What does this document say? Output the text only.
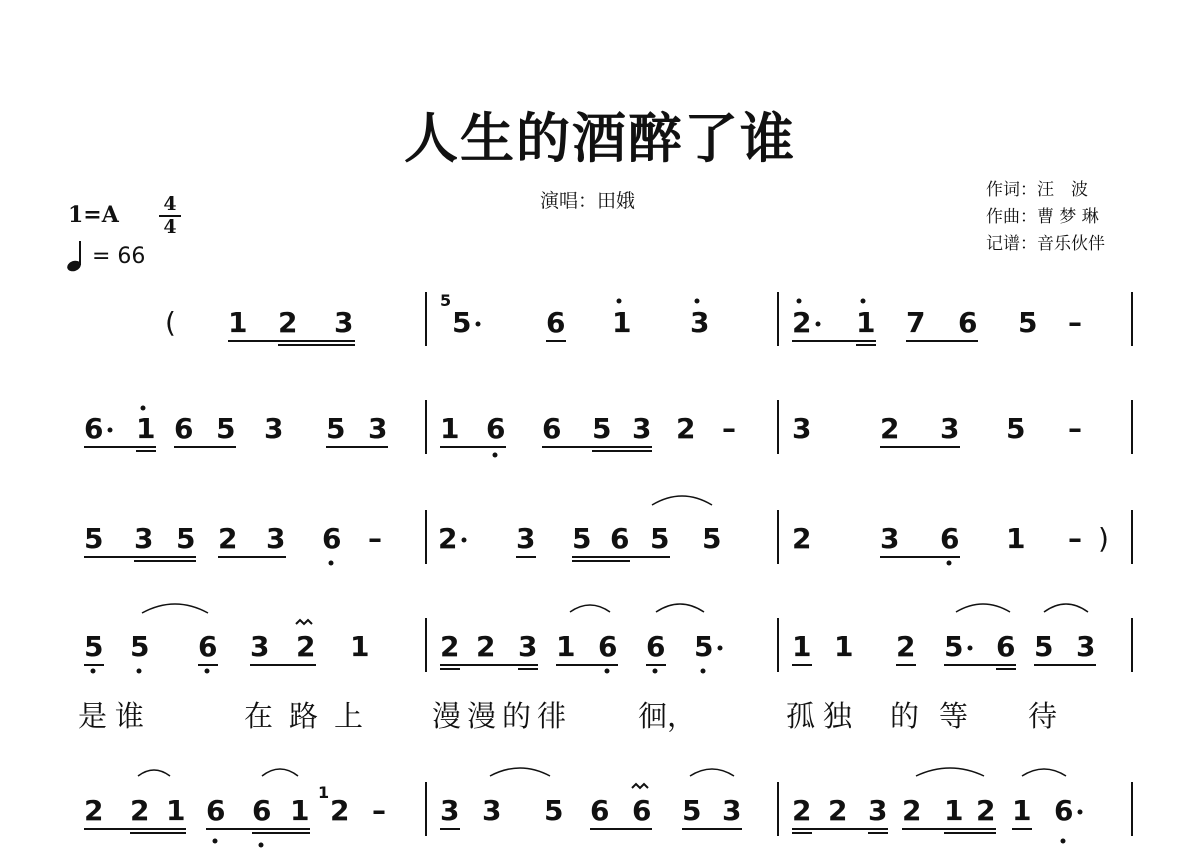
人生的酒醉了谁
演唱：田娥	作词：汪　波
作曲：曹 梦 琳
记谱：音乐伙伴
1=A	4
4
= 66
( 1 2 3
5
5	6 1 3	2 1 7 6 5 –
6 1 6 5 3 5 3 1 6 6 5 3 2 – 3 2 3 5 –
5 3 5 2 3 6 – 2 3 5 6 5 5	2 3 6 1 – )
5 5 6 3 2 1	2 2 3 1 6 6 5	1 1 2 5 6 5 3
2 2 1 6 6 1
1
2 – 3 3 5 6 6 5 3 2 2 3 2 1 2 1 6
是谁	在路上 漫漫的徘 徊，	孤独 的等 待
